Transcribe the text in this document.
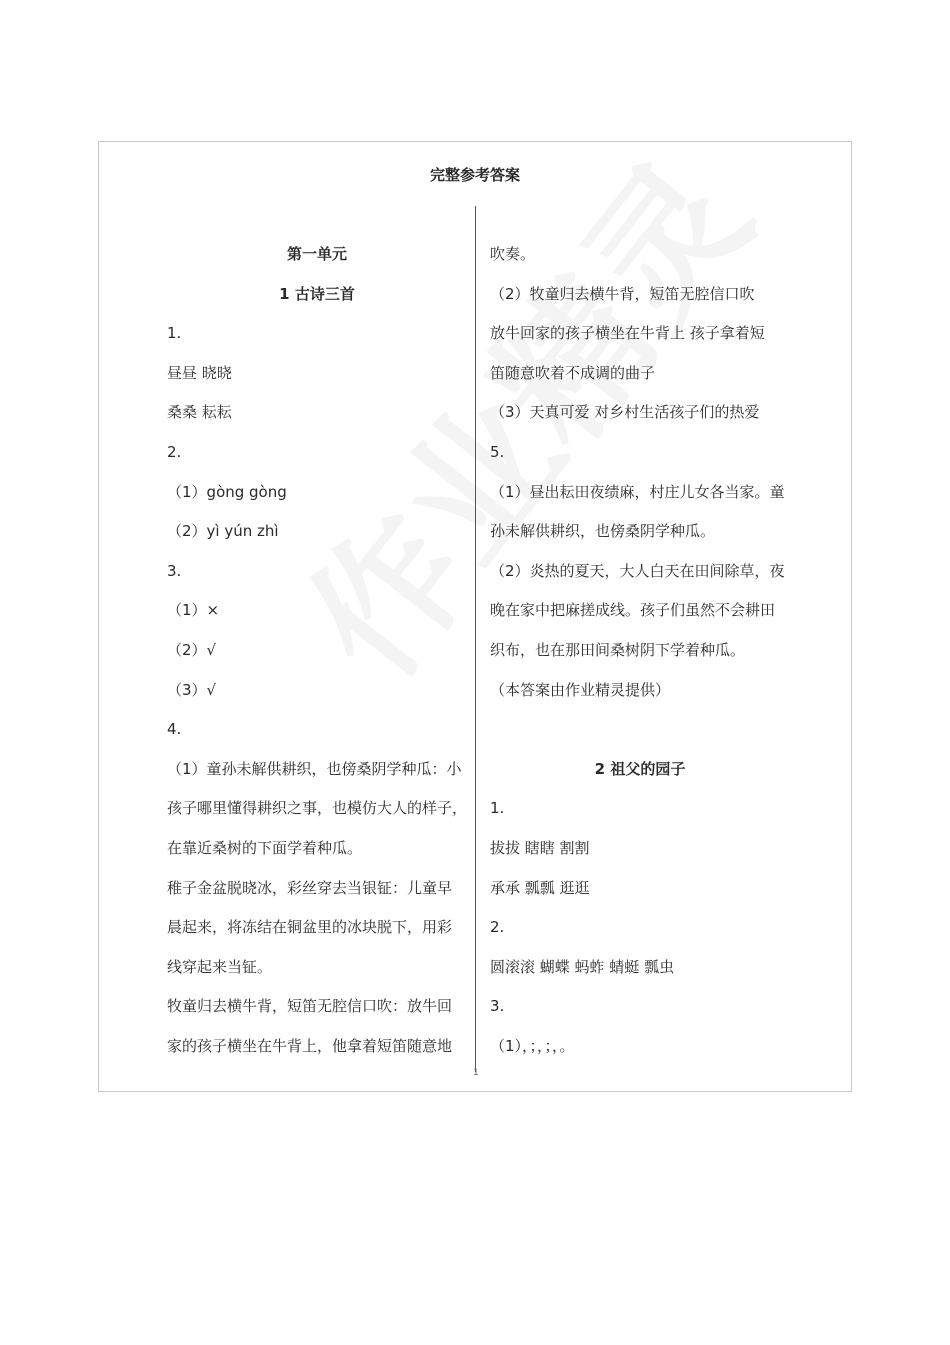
完整参考答案
第一单元
1 古诗三首
1.
昼昼 晓晓
桑桑 耘耘
2.
（1）gòng gòng
（2）yì yún zhì
3.
（1）×
（2）√
（3）√
4.
（1）童孙未解供耕织，也傍桑阴学种瓜：小
孩子哪里懂得耕织之事，也模仿大人的样子，
在靠近桑树的下面学着种瓜。
稚子金盆脱晓冰，彩丝穿去当银钲：儿童早
晨起来，将冻结在铜盆里的冰块脱下，用彩
线穿起来当钲。
牧童归去横牛背，短笛无腔信口吹：放牛回
家的孩子横坐在牛背上，他拿着短笛随意地
吹奏。
（2）牧童归去横牛背，短笛无腔信口吹
放牛回家的孩子横坐在牛背上 孩子拿着短
笛随意吹着不成调的曲子
（3）天真可爱 对乡村生活孩子们的热爱
5.
（1）昼出耘田夜绩麻，村庄儿女各当家。童
孙未解供耕织，也傍桑阴学种瓜。
（2）炎热的夏天，大人白天在田间除草，夜
晚在家中把麻搓成线。孩子们虽然不会耕田
织布，也在那田间桑树阴下学着种瓜。
（本答案由作业精灵提供）
2 祖父的园子
1.
拔拔 瞎瞎 割割
承承 瓢瓢 逛逛
2.
圆滚滚 蝴蝶 蚂蚱 蜻蜓 瓢虫
3.
（1），；，；，。
1
